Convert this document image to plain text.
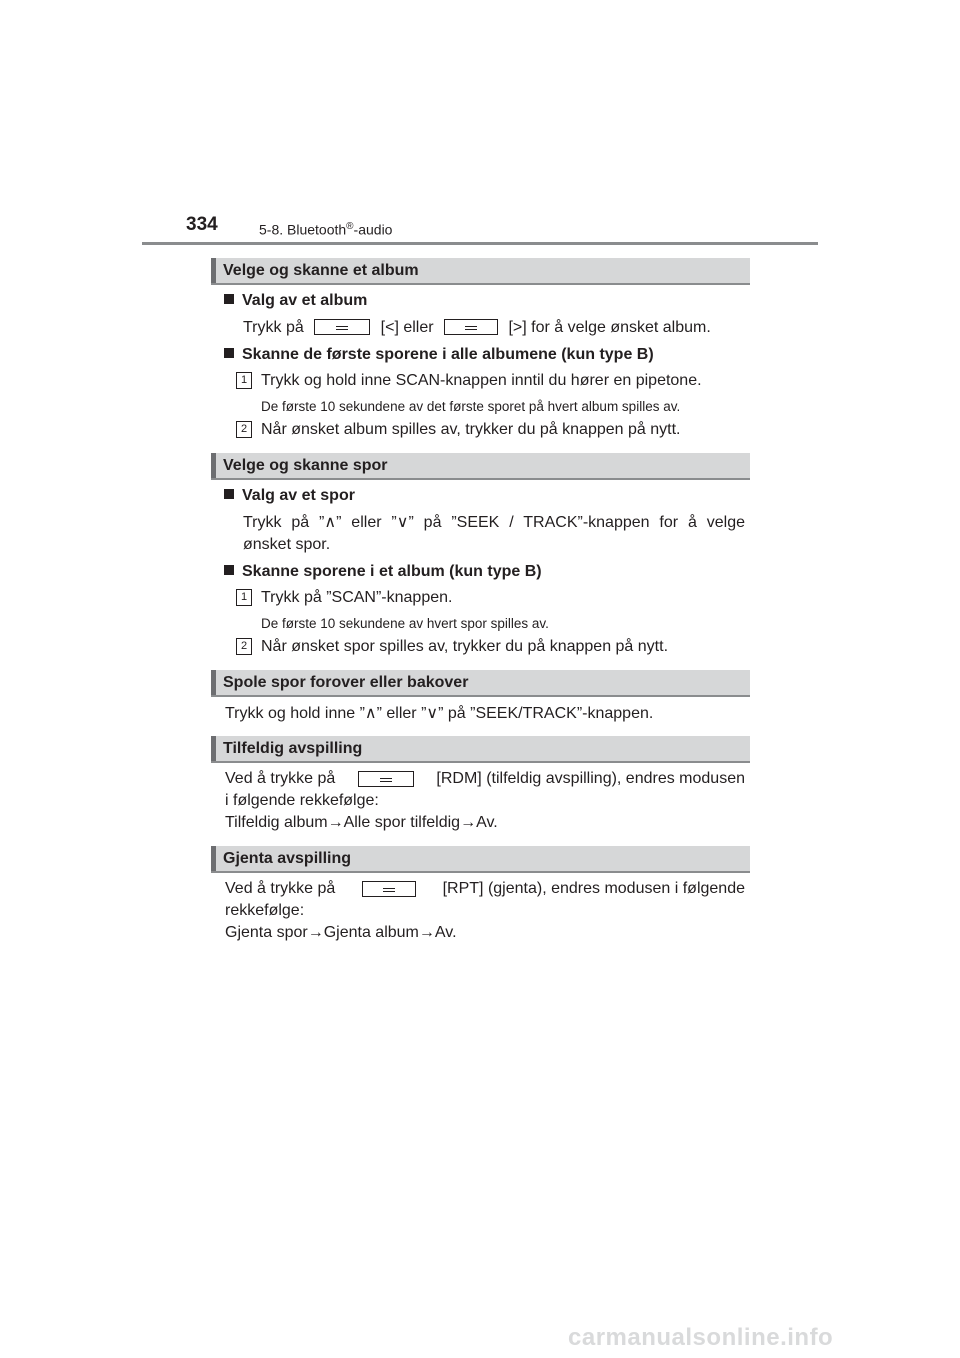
334	5-8. Bluetooth®-audio
Velge og skanne et album
Valg av et album
Trykk på	[<] eller	[>] for å velge ønsket album.
Skanne de første sporene i alle albumene (kun type B)
1 Trykk og hold inne SCAN-knappen inntil du hører en pipetone.
De første 10 sekundene av det første sporet på hvert album spilles av.
2 Når ønsket album spilles av, trykker du på knappen på nytt.
Velge og skanne spor
Valg av et spor
Trykk på ”∧” eller ”∨” på ”SEEK / TRACK”-knappen for å velge
ønsket spor.
Skanne sporene i et album (kun type B)
1 Trykk på ”SCAN”-knappen.
De første 10 sekundene av hvert spor spilles av.
2 Når ønsket spor spilles av, trykker du på knappen på nytt.
Spole spor forover eller bakover
Trykk og hold inne ”∧” eller ”∨” på ”SEEK/TRACK”-knappen.
Tilfeldig avspilling
Ved å trykke på	[RDM] (tilfeldig avspilling), endres modusen
i følgende rekkefølge:
Tilfeldig album→Alle spor tilfeldig→Av.
Gjenta avspilling
Ved å trykke på	[RPT] (gjenta), endres modusen i følgende
rekkefølge:
Gjenta spor→Gjenta album→Av.
carmanualsonline.info
